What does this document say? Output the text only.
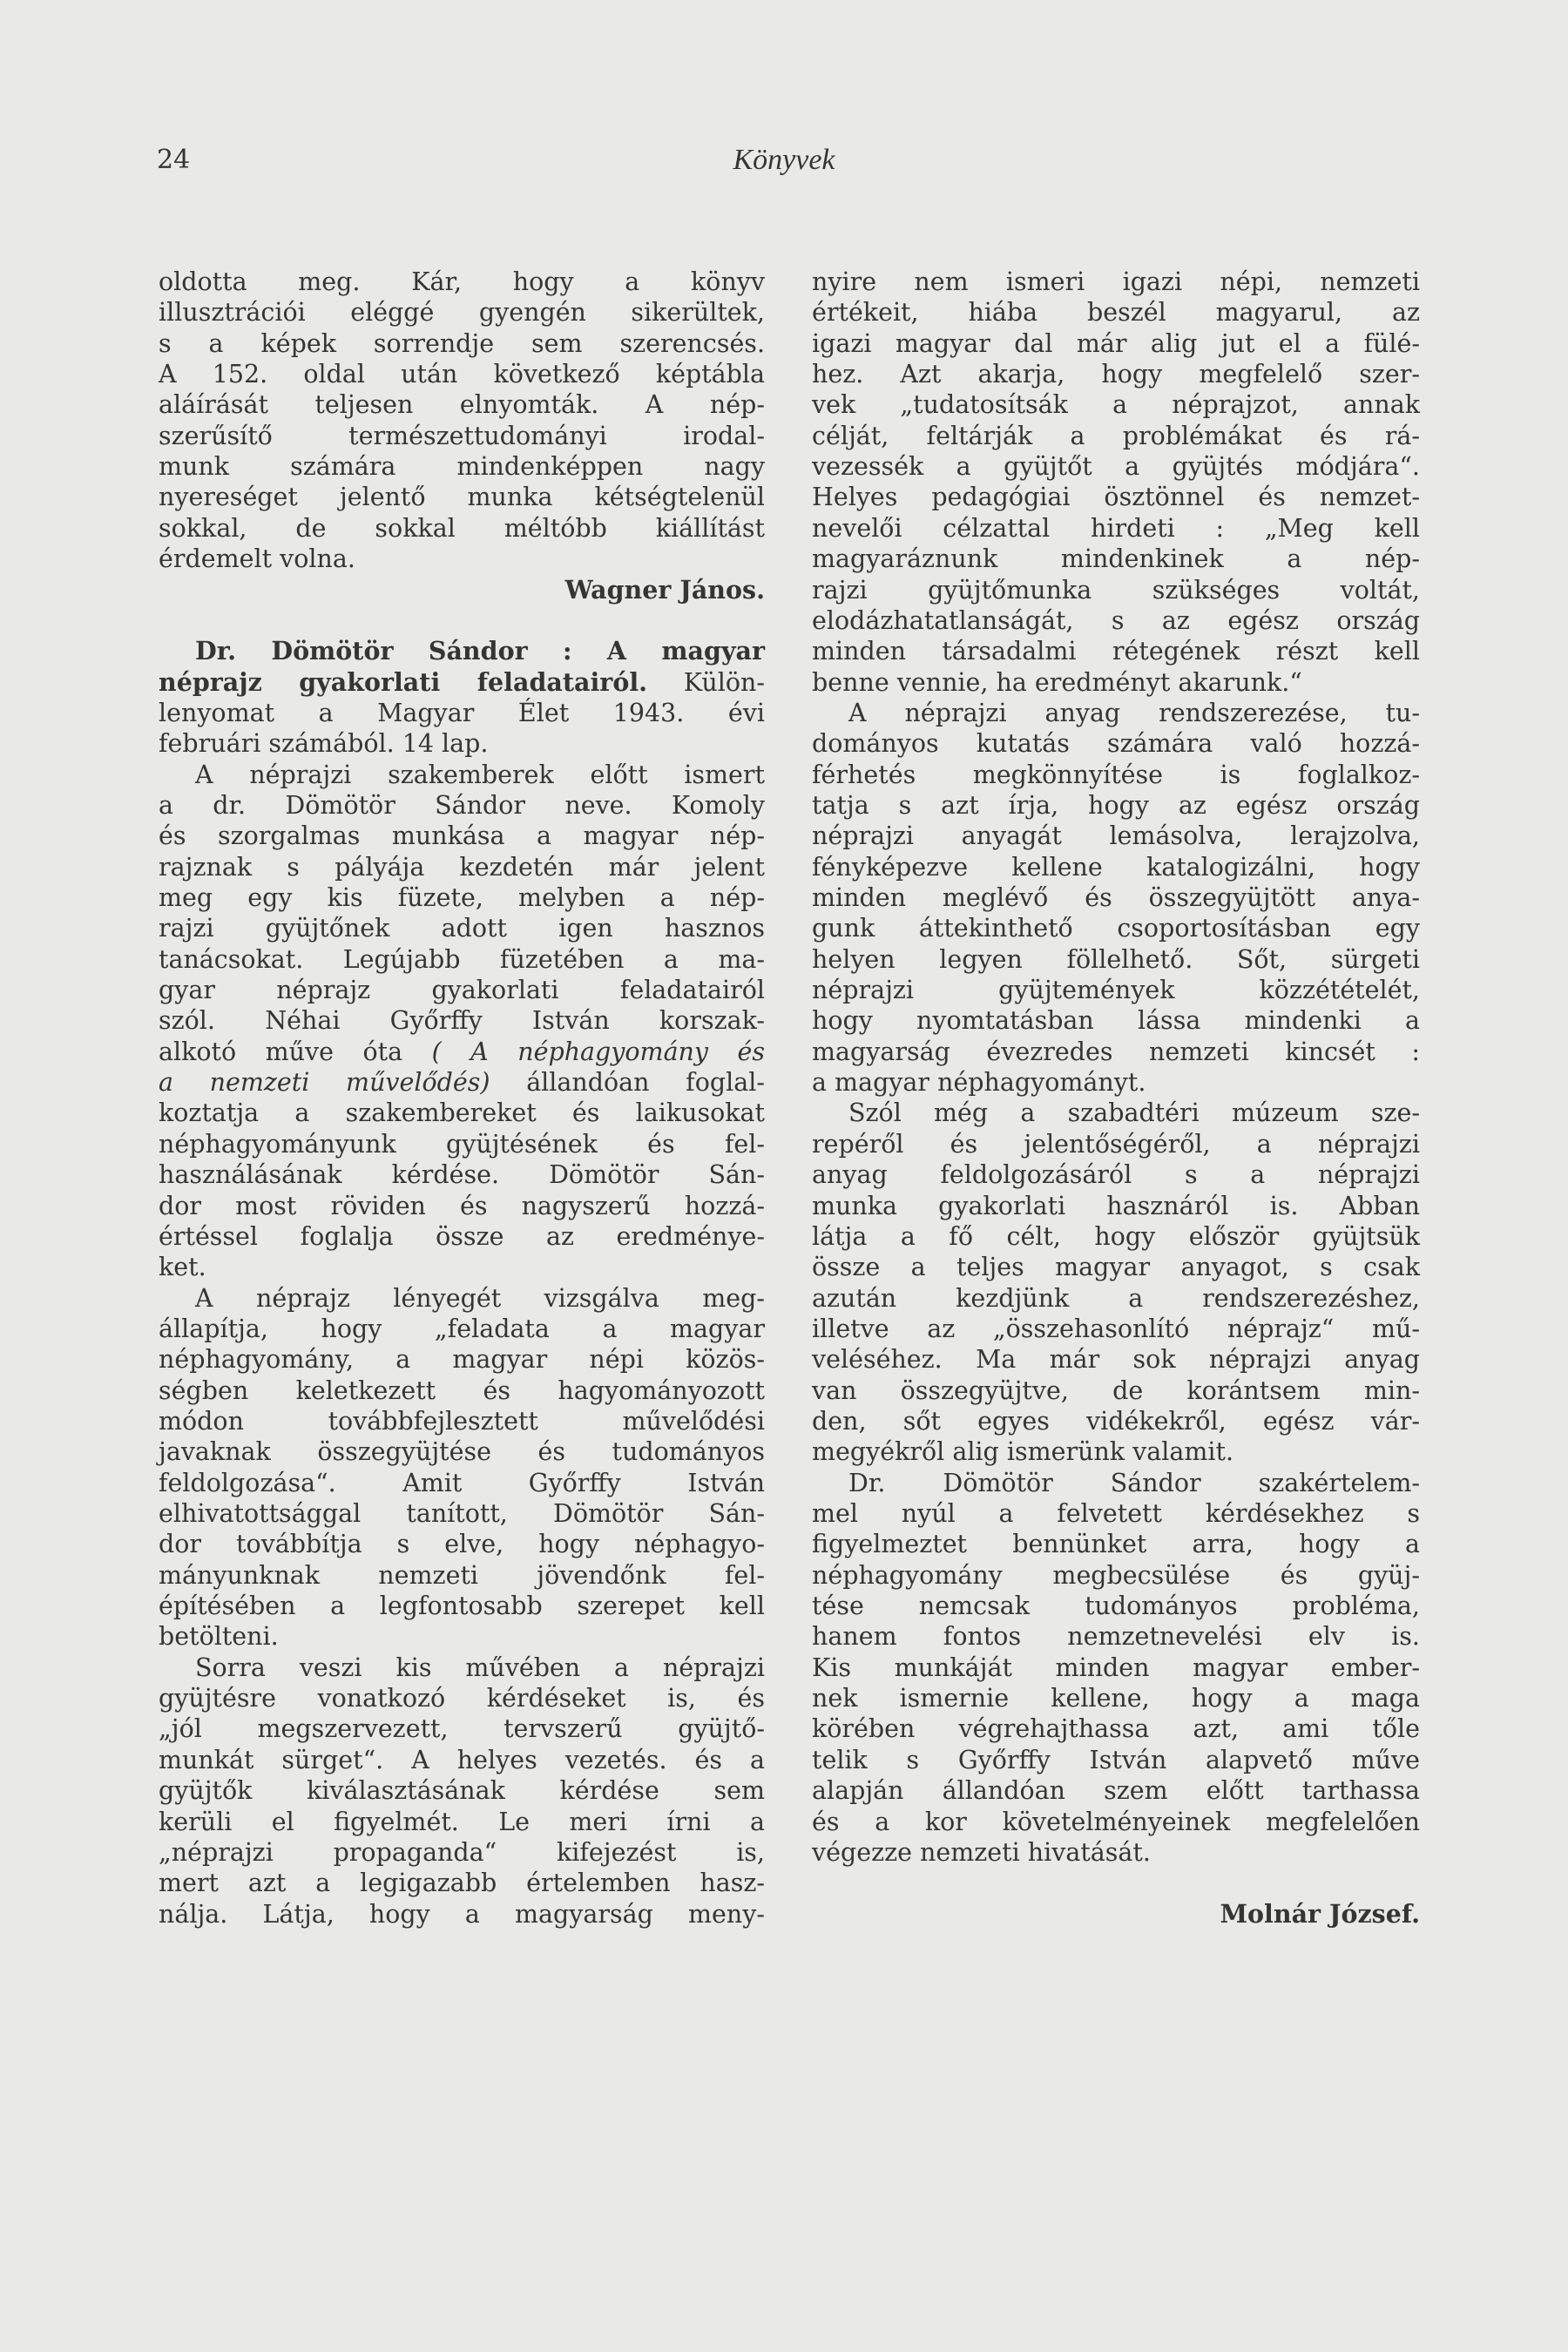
24	Könyvek
oldotta meg. Kár, hogy a könyv
illusztrációi eléggé gyengén sikerültek,
s a képek sorrendje sem szerencsés.
A 152. oldal után következő képtábla
aláírását teljesen elnyomták. A nép-
szerűsítő természettudományi irodal-
munk számára mindenképpen nagy
nyereséget jelentő munka kétségtelenül
sokkal, de sokkal méltóbb kiállítást
érdemelt volna.
Wagner János.
Dr. Dömötör Sándor : A magyar
néprajz gyakorlati feladatairól. Külön-
lenyomat a Magyar Élet 1943. évi
februári számából. 14 lap.
A néprajzi szakemberek előtt ismert
a dr. Dömötör Sándor neve. Komoly
és szorgalmas munkása a magyar nép-
rajznak s pályája kezdetén már jelent
meg egy kis füzete, melyben a nép-
rajzi gyüjtőnek adott igen hasznos
tanácsokat. Legújabb füzetében a ma-
gyar néprajz gyakorlati feladatairól
szól. Néhai Győrffy István korszak-
alkotó műve óta ( A néphagyomány és
a nemzeti művelődés) állandóan foglal-
koztatja a szakembereket és laikusokat
néphagyományunk gyüjtésének és fel-
használásának kérdése. Dömötör Sán-
dor most röviden és nagyszerű hozzá-
értéssel foglalja össze az eredménye-
ket.
A néprajz lényegét vizsgálva meg-
állapítja, hogy „feladata a magyar
néphagyomány, a magyar népi közös-
ségben keletkezett és hagyományozott
módon továbbfejlesztett művelődési
javaknak összegyüjtése és tudományos
feldolgozása“. Amit Győrffy István
elhivatottsággal tanított, Dömötör Sán-
dor továbbítja s elve, hogy néphagyo-
mányunknak nemzeti jövendőnk fel-
építésében a legfontosabb szerepet kell
betölteni.
Sorra veszi kis művében a néprajzi
gyüjtésre vonatkozó kérdéseket is, és
„jól megszervezett, tervszerű gyüjtő-
munkát sürget“. A helyes vezetés. és a
gyüjtők kiválasztásának kérdése sem
kerüli el figyelmét. Le meri írni a
„néprajzi propaganda“ kifejezést is,
mert azt a legigazabb értelemben hasz-
nálja. Látja, hogy a magyarság meny-
nyire nem ismeri igazi népi, nemzeti
értékeit, hiába beszél magyarul, az
igazi magyar dal már alig jut el a fülé-
hez. Azt akarja, hogy megfelelő szer-
vek „tudatosítsák a néprajzot, annak
célját, feltárják a problémákat és rá-
vezessék a gyüjtőt a gyüjtés módjára“.
Helyes pedagógiai ösztönnel és nemzet-
nevelői célzattal hirdeti : „Meg kell
magyaráznunk mindenkinek a nép-
rajzi gyüjtőmunka szükséges voltát,
elodázhatatlanságát, s az egész ország
minden társadalmi rétegének részt kell
benne vennie, ha eredményt akarunk.“
A néprajzi anyag rendszerezése, tu-
dományos kutatás számára való hozzá-
férhetés megkönnyítése is foglalkoz-
tatja s azt írja, hogy az egész ország
néprajzi anyagát lemásolva, lerajzolva,
fényképezve kellene katalogizálni, hogy
minden meglévő és összegyüjtött anya-
gunk áttekinthető csoportosításban egy
helyen legyen föllelhető. Sőt, sürgeti
néprajzi gyüjtemények közzétételét,
hogy nyomtatásban lássa mindenki a
magyarság évezredes nemzeti kincsét :
a magyar néphagyományt.
Szól még a szabadtéri múzeum sze-
repéről és jelentőségéről, a néprajzi
anyag feldolgozásáról s a néprajzi
munka gyakorlati hasznáról is. Abban
látja a fő célt, hogy először gyüjtsük
össze a teljes magyar anyagot, s csak
azután kezdjünk a rendszerezéshez,
illetve az „összehasonlító néprajz“ mű-
veléséhez. Ma már sok néprajzi anyag
van összegyüjtve, de korántsem min-
den, sőt egyes vidékekről, egész vár-
megyékről alig ismerünk valamit.
Dr. Dömötör Sándor szakértelem-
mel nyúl a felvetett kérdésekhez s
figyelmeztet bennünket arra, hogy a
néphagyomány megbecsülése és gyüj-
tése nemcsak tudományos probléma,
hanem fontos nemzetnevelési elv is.
Kis munkáját minden magyar ember-
nek ismernie kellene, hogy a maga
körében végrehajthassa azt, ami tőle
telik s Győrffy István alapvető műve
alapján állandóan szem előtt tarthassa
és a kor követelményeinek megfelelően
végezze nemzeti hivatását.
Molnár József.
